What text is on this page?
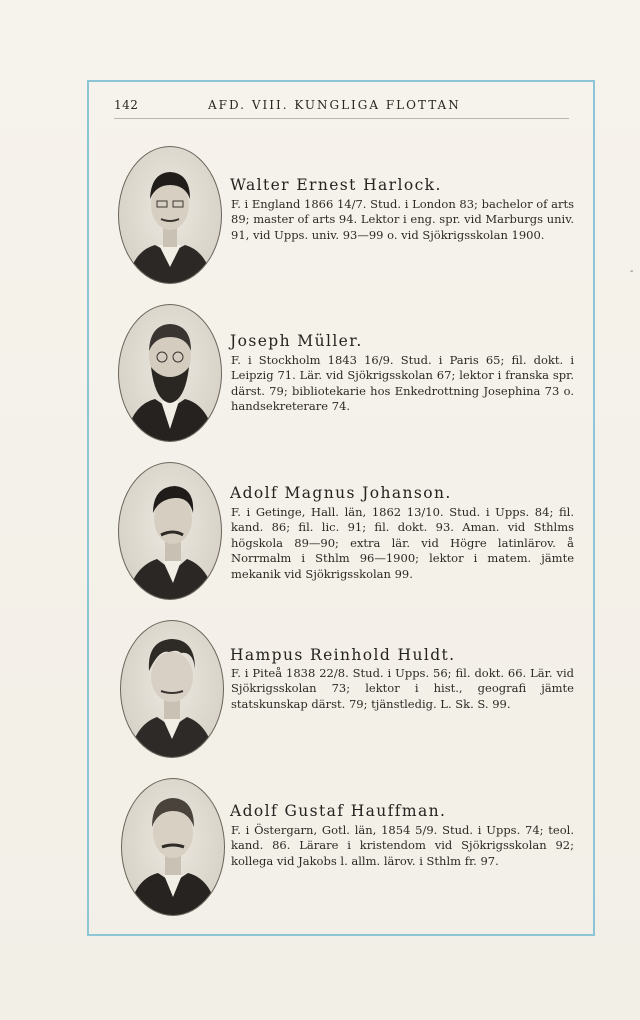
142	AFD. VIII. KUNGLIGA FLOTTAN
-
Walter Ernest Harlock.
F. i England 1866 14/7. Stud. i London 83; bachelor of arts 89; master of arts 94. Lektor i eng. spr. vid Marburgs univ. 91, vid Upps. univ. 93—99 o. vid Sjökrigsskolan 1900.
Joseph Müller.
F. i Stockholm 1843 16/9. Stud. i Paris 65; fil. dokt. i Leipzig 71. Lär. vid Sjökrigsskolan 67; lektor i franska spr. därst. 79; bibliotekarie hos Enkedrottning Josephina 73 o. handsekreterare 74.
Adolf Magnus Johanson.
F. i Getinge, Hall. län, 1862 13/10. Stud. i Upps. 84; fil. kand. 86; fil. lic. 91; fil. dokt. 93. Aman. vid Sthlms högskola 89—90; extra lär. vid Högre latinlärov. å Norrmalm i Sthlm 96—1900; lektor i matem. jämte mekanik vid Sjökrigsskolan 99.
Hampus Reinhold Huldt.
F. i Piteå 1838 22/8. Stud. i Upps. 56; fil. dokt. 66. Lär. vid Sjökrigsskolan 73; lektor i hist., geografi jämte statskunskap därst. 79; tjänstledig. L. Sk. S. 99.
Adolf Gustaf Hauffman.
F. i Östergarn, Gotl. län, 1854 5/9. Stud. i Upps. 74; teol. kand. 86. Lärare i kristendom vid Sjökrigsskolan 92; kollega vid Jakobs l. allm. lärov. i Sthlm fr. 97.
